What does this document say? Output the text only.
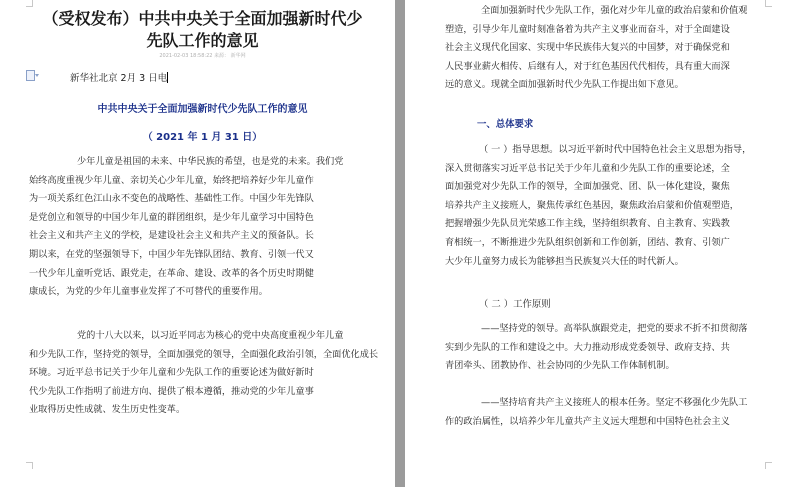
（受权发布）中共中央关于全面加强新时代少
先队工作的意见
2021-02-03 18:58:22 来源： 新华网
新华社北京 2月 3 日电
中共中央关于全面加强新时代少先队工作的意见
（ 2021 年 1 月 31 日）

少年儿童是祖国的未来、中华民族的希望，也是党的未来。我们党

始终高度重视少年儿童、亲切关心少年儿童，始终把培养好少年儿童作

为一项关系红色江山永不变色的战略性、基础性工作。中国少年先锋队

是党创立和领导的中国少年儿童的群团组织，是少年儿童学习中国特色

社会主义和共产主义的学校，是建设社会主义和共产主义的预备队。长

期以来，在党的坚强领导下，中国少年先锋队团结、教育、引领一代又

一代少年儿童听党话、跟党走，在革命、建设、改革的各个历史时期健

康成长，为党的少年儿童事业发挥了不可替代的重要作用。

党的十八大以来，以习近平同志为核心的党中央高度重视少年儿童

和少先队工作，坚持党的领导，全面加强党的领导，全面强化政治引领，全面优化成长

环境。习近平总书记关于少年儿童和少先队工作的重要论述为做好新时

代少先队工作指明了前进方向、提供了根本遵循，推动党的少年儿童事

业取得历史性成就、发生历史性变革。

全面加强新时代少先队工作，强化对少年儿童的政治启蒙和价值观

塑造，引导少年儿童时刻准备着为共产主义事业而奋斗，对于全面建设

社会主义现代化国家、实现中华民族伟大复兴的中国梦，对于确保党和

人民事业薪火相传、后继有人，对于红色基因代代相传，具有重大而深

远的意义。现就全面加强新时代少先队工作提出如下意见。

一、总体要求

（ 一 ）指导思想。以习近平新时代中国特色社会主义思想为指导，

深入贯彻落实习近平总书记关于少年儿童和少先队工作的重要论述，全

面加强党对少先队工作的领导，全面加强党、团、队一体化建设，聚焦

培养共产主义接班人，聚焦传承红色基因，聚焦政治启蒙和价值观塑造，

把握增强少先队员光荣感工作主线，坚持组织教育、自主教育、实践教

育相统一，不断推进少先队组织创新和工作创新，团结、教育、引领广

大少年儿童努力成长为能够担当民族复兴大任的时代新人。

（ 二 ）工作原则

——坚持党的领导。高举队旗跟党走，把党的要求不折不扣贯彻落

实到少先队的工作和建设之中。大力推动形成党委领导、政府支持、共

青团牵头、团教协作、社会协同的少先队工作体制机制。

——坚持培育共产主义接班人的根本任务。坚定不移强化少先队工

作的政治属性，以培养少年儿童共产主义远大理想和中国特色社会主义
